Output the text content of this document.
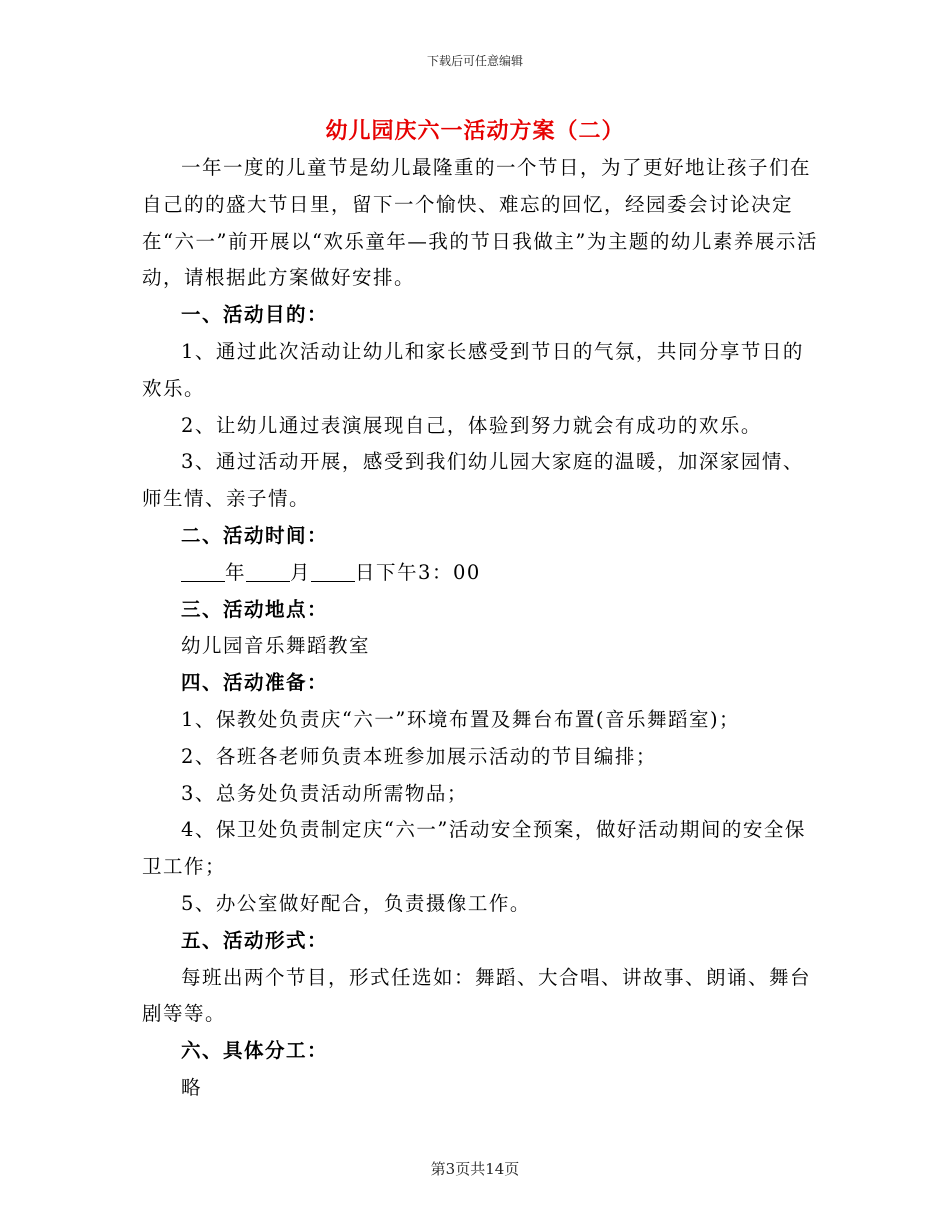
下载后可任意编辑
幼儿园庆六一活动方案（二）

一年一度的儿童节是幼儿最隆重的一个节日，为了更好地让孩子们在自己的的盛大节日里，留下一个愉快、难忘的回忆，经园委会讨论决定在“六一”前开展以“欢乐童年—我的节日我做主”为主题的幼儿素养展示活动，请根据此方案做好安排。

一、活动目的：

1、通过此次活动让幼儿和家长感受到节日的气氛，共同分享节日的欢乐。

2、让幼儿通过表演展现自己，体验到努力就会有成功的欢乐。

3、通过活动开展，感受到我们幼儿园大家庭的温暖，加深家园情、师生情、亲子情。

二、活动时间：

年 月 日下午3：00

三、活动地点：

幼儿园音乐舞蹈教室

四、活动准备：

1、保教处负责庆“六一”环境布置及舞台布置(音乐舞蹈室)；

2、各班各老师负责本班参加展示活动的节目编排；

3、总务处负责活动所需物品；

4、保卫处负责制定庆“六一”活动安全预案，做好活动期间的安全保卫工作；

5、办公室做好配合，负责摄像工作。

五、活动形式：

每班出两个节目，形式任选如：舞蹈、大合唱、讲故事、朗诵、舞台剧等等。

六、具体分工：

略

第3页共14页
